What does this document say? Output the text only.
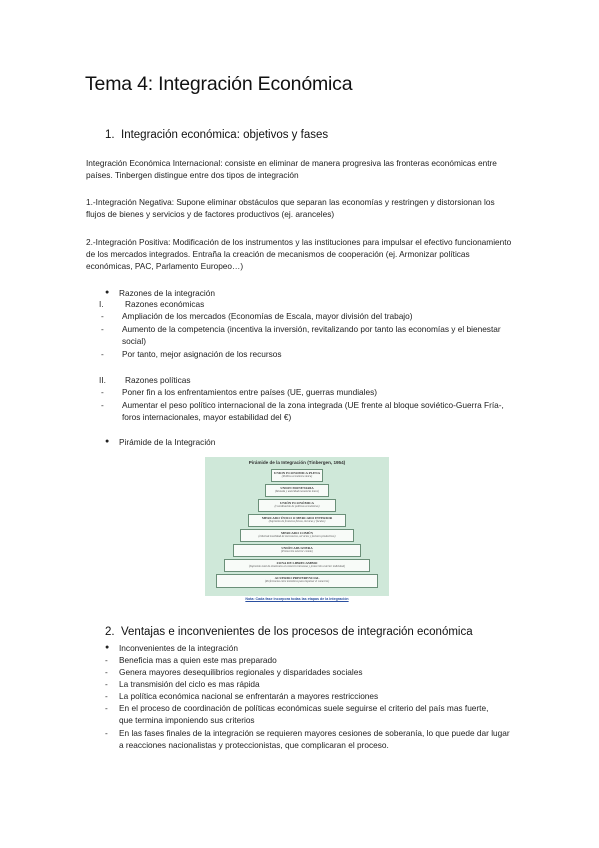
Tema 4: Integración Económica
1. Integración económica: objetivos y fases
Integración Económica Internacional: consiste en eliminar de manera progresiva las fronteras económicas entre países. Tinbergen distingue entre dos tipos de integración
1.-Integración Negativa: Supone eliminar obstáculos que separan las economías y restringen y distorsionan los flujos de bienes y servicios y de factores productivos (ej. aranceles)
2.-Integración Positiva: Modificación de los instrumentos y las instituciones para impulsar el efectivo funcionamiento de los mercados integrados. Entraña la creación de mecanismos de cooperación (ej. Armonizar políticas económicas, PAC, Parlamento Europeo…)
● Razones de la integración
I.	Razones económicas
- Ampliación de los mercados (Economías de Escala, mayor división del trabajo)
- Aumento de la competencia (incentiva la inversión, revitalizando por tanto las economías y el bienestar social)
- Por tanto, mejor asignación de los recursos
II. Razones políticas
- Poner fin a los enfrentamientos entre países (UE, guerras mundiales)
- Aumentar el peso político internacional de la zona integrada (UE frente al bloque soviético-Guerra Fría-, foros internacionales, mayor estabilidad del €)
● Pirámide de la Integración
Pirámide de la Integración (Tinbergen, 1954)
UNION ECONOMICA PLENA
(Política económica única)
UNION MONETARIA
(Moneda y autoridad monetaria única)
UNIÓN ECONÓMICA
(Coordinación de políticas económicas)
MERCADO ÚNICO O MERCADO INTERIOR
(Supresión de fronteras físicas, técnicas y fiscales)
MERCADO COMÚN
(Libertad movilidad de mercancías, servicios y factores productivos)
UNIÓN ADUANERA
(Protección exterior común)
ZONA DE LIBRECAMBIO
(Supresión total de obstáculos al comercio intrazona y protección exterior individual)
ACUERDO PREFERENCIAL
(Preferencias entre miembros para impulsar el comercio)
Nota: Cada fase incorpora todas las etapas de la integración
2. Ventajas e inconvenientes de los procesos de integración económica
● Inconvenientes de la integración
- Beneficia mas a quien este mas preparado
- Genera mayores desequilibrios regionales y disparidades sociales
- La transmisión del ciclo es mas rápida
- La política económica nacional se enfrentarán a mayores restricciones
- En el proceso de coordinación de políticas económicas suele seguirse el criterio del país mas fuerte, que termina imponiendo sus criterios
- En las fases finales de la integración se requieren mayores cesiones de soberanía, lo que puede dar lugar a reacciones nacionalistas y proteccionistas, que complicaran el proceso.
